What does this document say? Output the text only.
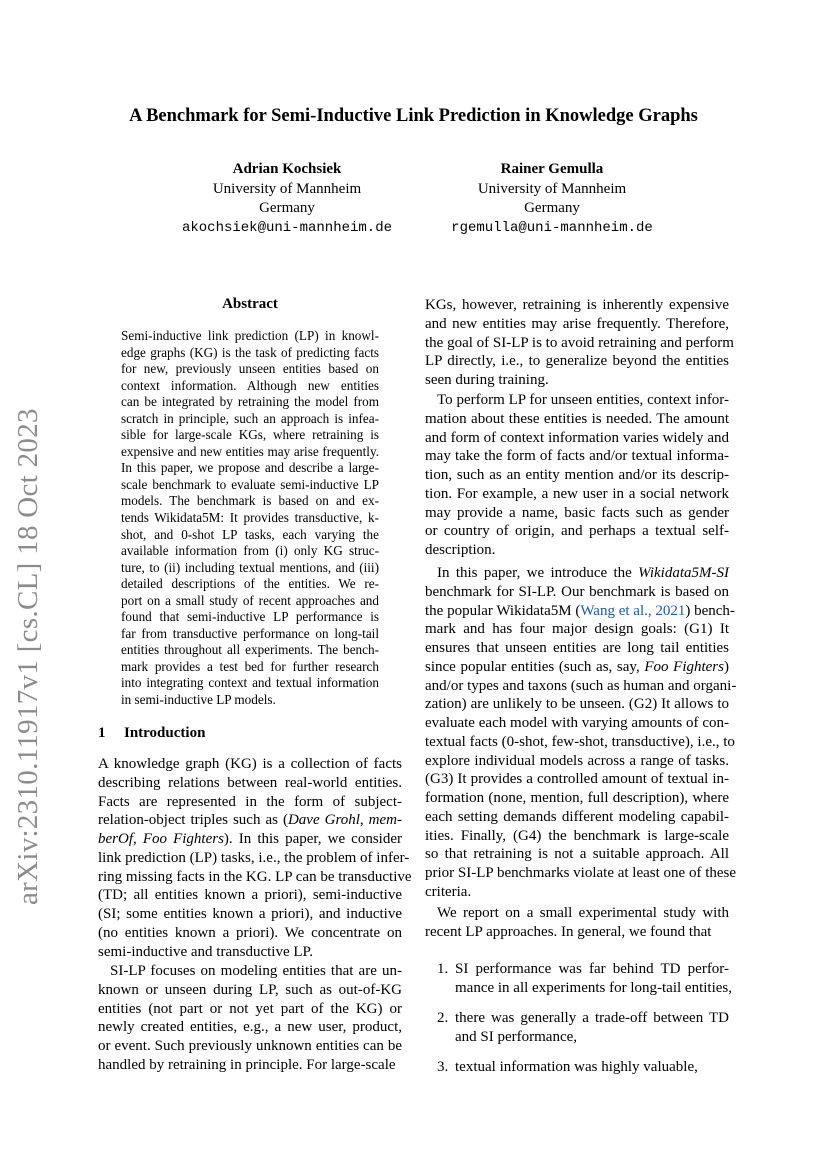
arXiv:2310.11917v1 [cs.CL] 18 Oct 2023
A Benchmark for Semi-Inductive Link Prediction in Knowledge Graphs
Adrian Kochsiek
University of Mannheim
Germany
akochsiek@uni-mannheim.de
Rainer Gemulla
University of Mannheim
Germany
rgemulla@uni-mannheim.de
Abstract
Semi-inductive link prediction (LP) in knowl-
edge graphs (KG) is the task of predicting facts
for new, previously unseen entities based on
context information. Although new entities
can be integrated by retraining the model from
scratch in principle, such an approach is infea-
sible for large-scale KGs, where retraining is
expensive and new entities may arise frequently.
In this paper, we propose and describe a large-
scale benchmark to evaluate semi-inductive LP
models. The benchmark is based on and ex-
tends Wikidata5M: It provides transductive, k-
shot, and 0-shot LP tasks, each varying the
available information from (i) only KG struc-
ture, to (ii) including textual mentions, and (iii)
detailed descriptions of the entities. We re-
port on a small study of recent approaches and
found that semi-inductive LP performance is
far from transductive performance on long-tail
entities throughout all experiments. The bench-
mark provides a test bed for further research
into integrating context and textual information
in semi-inductive LP models.
1 Introduction
A knowledge graph (KG) is a collection of facts
describing relations between real-world entities.
Facts are represented in the form of subject-
relation-object triples such as (Dave Grohl, mem-
berOf, Foo Fighters). In this paper, we consider
link prediction (LP) tasks, i.e., the problem of infer-
ring missing facts in the KG. LP can be transductive
(TD; all entities known a priori), semi-inductive
(SI; some entities known a priori), and inductive
(no entities known a priori). We concentrate on
semi-inductive and transductive LP.
SI-LP focuses on modeling entities that are un-
known or unseen during LP, such as out-of-KG
entities (not part or not yet part of the KG) or
newly created entities, e.g., a new user, product,
or event. Such previously unknown entities can be
handled by retraining in principle. For large-scale
KGs, however, retraining is inherently expensive
and new entities may arise frequently. Therefore,
the goal of SI-LP is to avoid retraining and perform
LP directly, i.e., to generalize beyond the entities
seen during training.
To perform LP for unseen entities, context infor-
mation about these entities is needed. The amount
and form of context information varies widely and
may take the form of facts and/or textual informa-
tion, such as an entity mention and/or its descrip-
tion. For example, a new user in a social network
may provide a name, basic facts such as gender
or country of origin, and perhaps a textual self-
description.
In this paper, we introduce the Wikidata5M-SI
benchmark for SI-LP. Our benchmark is based on
the popular Wikidata5M (Wang et al., 2021) bench-
mark and has four major design goals: (G1) It
ensures that unseen entities are long tail entities
since popular entities (such as, say, Foo Fighters)
and/or types and taxons (such as human and organi-
zation) are unlikely to be unseen. (G2) It allows to
evaluate each model with varying amounts of con-
textual facts (0-shot, few-shot, transductive), i.e., to
explore individual models across a range of tasks.
(G3) It provides a controlled amount of textual in-
formation (none, mention, full description), where
each setting demands different modeling capabil-
ities. Finally, (G4) the benchmark is large-scale
so that retraining is not a suitable approach. All
prior SI-LP benchmarks violate at least one of these
criteria.
We report on a small experimental study with
recent LP approaches. In general, we found that
1. SI performance was far behind TD perfor-
mance in all experiments for long-tail entities,
2. there was generally a trade-off between TD
and SI performance,
3. textual information was highly valuable,
